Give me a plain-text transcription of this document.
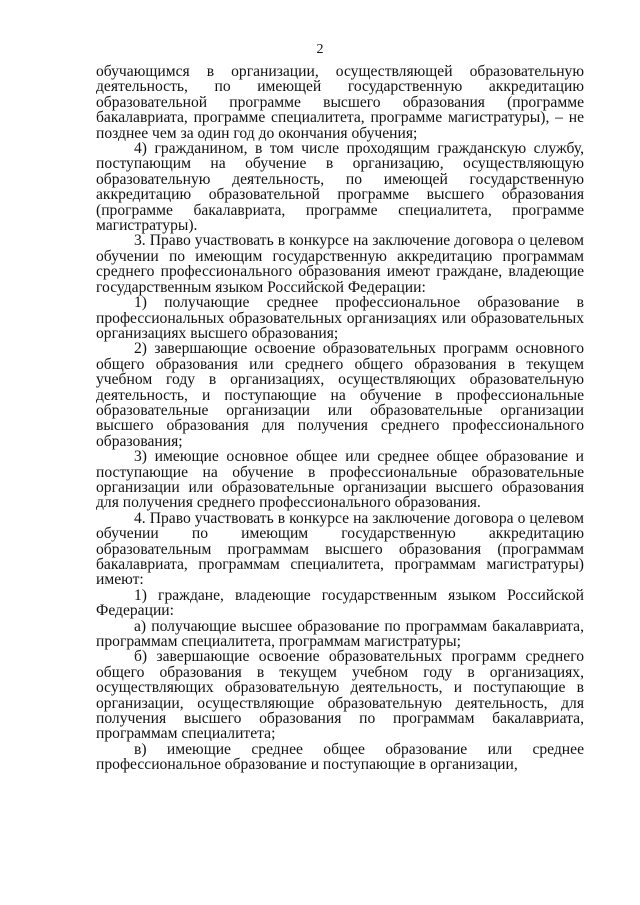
2

обучающимся в организации, осуществляющей образовательную деятельность, по имеющей государственную аккредитацию образовательной программе высшего образования (программе бакалавриата, программе специалитета, программе магистратуры), – не позднее чем за один год до окончания обучения;

4) гражданином, в том числе проходящим гражданскую службу, поступающим на обучение в организацию, осуществляющую образовательную деятельность, по имеющей государственную аккредитацию образовательной программе высшего образования (программе бакалавриата, программе специалитета, программе магистратуры).

3. Право участвовать в конкурсе на заключение договора о целевом обучении по имеющим государственную аккредитацию программам среднего профессионального образования имеют граждане, владеющие государственным языком Российской Федерации:

1) получающие среднее профессиональное образование в профессиональных образовательных организациях или образовательных организациях высшего образования;

2) завершающие освоение образовательных программ основного общего образования или среднего общего образования в текущем учебном году в организациях, осуществляющих образовательную деятельность, и поступающие на обучение в профессиональные образовательные организации или образовательные организации высшего образования для получения среднего профессионального образования;

3) имеющие основное общее или среднее общее образование и поступающие на обучение в профессиональные образовательные организации или образовательные организации высшего образования для получения среднего профессионального образования.

4. Право участвовать в конкурсе на заключение договора о целевом обучении по имеющим государственную аккредитацию образовательным программам высшего образования (программам бакалавриата, программам специалитета, программам магистратуры) имеют:

1) граждане, владеющие государственным языком Российской Федерации:

а) получающие высшее образование по программам бакалавриата, программам специалитета, программам магистратуры;

б) завершающие освоение образовательных программ среднего общего образования в текущем учебном году в организациях, осуществляющих образовательную деятельность, и поступающие в организации, осуществляющие образовательную деятельность, для получения высшего образования по программам бакалавриата, программам специалитета;

в) имеющие среднее общее образование или среднее профессиональное образование и поступающие в организации,
